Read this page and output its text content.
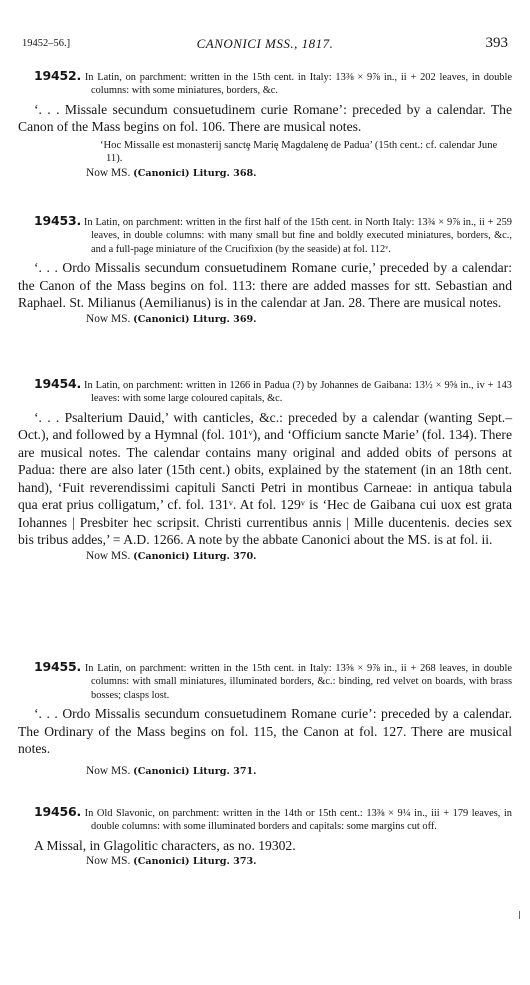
19452–56.]	CANONICI MSS., 1817.	393

19452. In Latin, on parchment: written in the 15th cent. in Italy: 13⅜ × 9⅞ in., ii + 202 leaves, in double columns: with some miniatures, borders, &c.

‘. . . Missale secundum consuetudinem curie Romane’: preceded by a calendar. The Canon of the Mass begins on fol. 106. There are musical notes.

‘Hoc Missalle est monasterij sanctȩ Marię Magdalenȩ de Padua’ (15th cent.: cf. calendar June 11).

Now MS. (Canonici) Liturg. 368.

19453. In Latin, on parchment: written in the first half of the 15th cent. in North Italy: 13¾ × 9⅞ in., ii + 259 leaves, in double columns: with many small but fine and boldly executed miniatures, borders, &c., and a full-page miniature of the Crucifixion (by the seaside) at fol. 112ᵛ.

‘. . . Ordo Missalis secundum consuetudinem Romane curie,’ preceded by a calendar: the Canon of the Mass begins on fol. 113: there are added masses for stt. Sebastian and Raphael. St. Milianus (Aemilianus) is in the calendar at Jan. 28. There are musical notes.

Now MS. (Canonici) Liturg. 369.

19454. In Latin, on parchment: written in 1266 in Padua (?) by Johannes de Gaibana: 13½ × 9⅝ in., iv + 143 leaves: with some large coloured capitals, &c.

‘. . . Psalterium Dauid,’ with canticles, &c.: preceded by a calendar (wanting Sept.–Oct.), and followed by a Hymnal (fol. 101ᵛ), and ‘Officium sancte Marie’ (fol. 134). There are musical notes. The calendar contains many original and added obits of persons at Padua: there are also later (15th cent.) obits, explained by the statement (in an 18th cent. hand), ‘Fuit reverendissimi capituli Sancti Petri in montibus Carneae: in antiqua tabula qua erat prius colligatum,’ cf. fol. 131ᵛ. At fol. 129ᵛ is ‘Hec de Gaibana cui uox est grata Iohannes | Presbiter hec scripsit. Christi currentibus annis | Mille ducentenis. decies sex bis tribus addes,’ = A.D. 1266. A note by the abbate Canonici about the MS. is at fol. ii.

Now MS. (Canonici) Liturg. 370.

19455. In Latin, on parchment: written in the 15th cent. in Italy: 13⅝ × 9⅞ in., ii + 268 leaves, in double columns: with small miniatures, illuminated borders, &c.: binding, red velvet on boards, with brass bosses; clasps lost.

‘. . . Ordo Missalis secundum consuetudinem Romane curie’: preceded by a calendar. The Ordinary of the Mass begins on fol. 115, the Canon at fol. 127. There are musical notes.

Now MS. (Canonici) Liturg. 371.

19456. In Old Slavonic, on parchment: written in the 14th or 15th cent.: 13⅜ × 9¼ in., iii + 179 leaves, in double columns: with some illuminated borders and capitals: some margins cut off.

A Missal, in Glagolitic characters, as no. 19302.

Now MS. (Canonici) Liturg. 373.
